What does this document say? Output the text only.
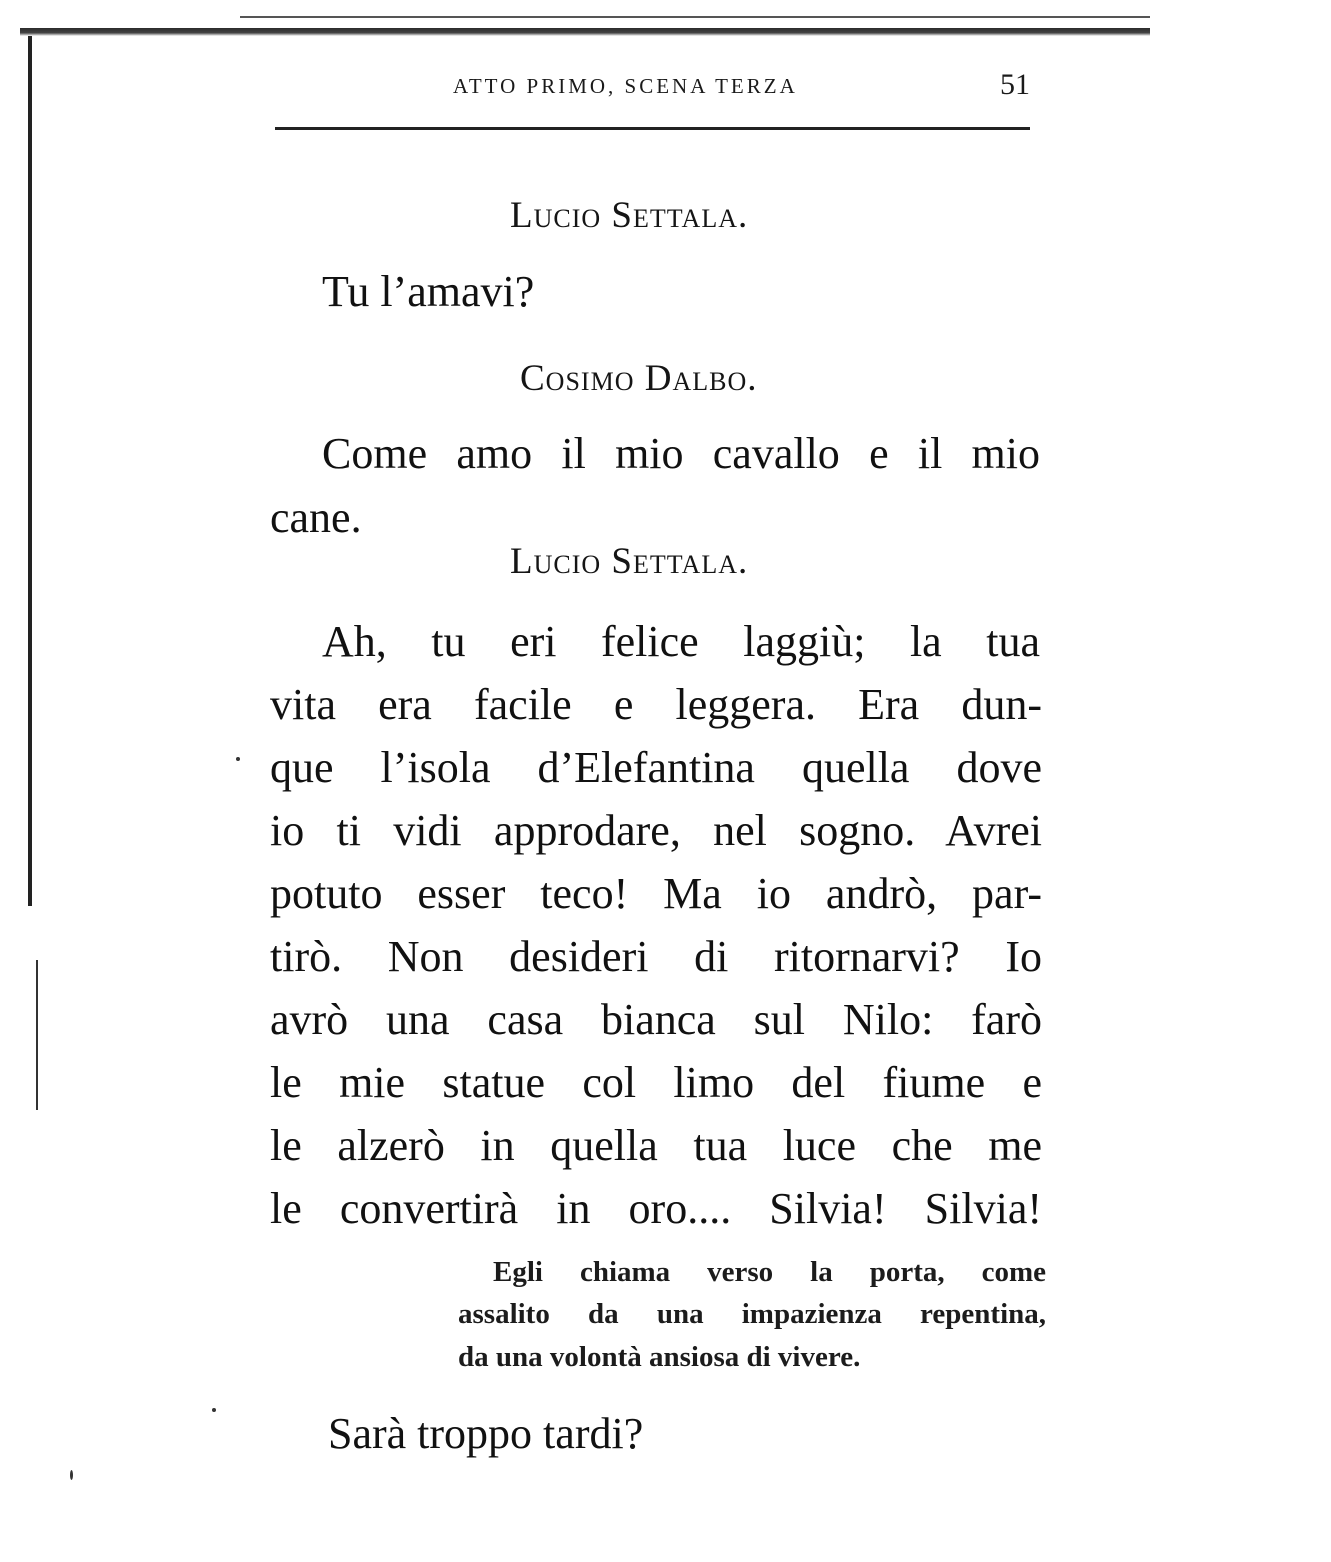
ATTO PRIMO, SCENA TERZA	51
Lucio Settala.
Tu l’amavi?
Cosimo Dalbo.
Come amo il mio cavallo e il mio
cane.
Lucio Settala.
Ah, tu eri felice laggiù; la tua
vita era facile e leggera. Era dun-
que l’isola d’Elefantina quella dove
io ti vidi approdare, nel sogno. Avrei
potuto esser teco! Ma io andrò, par-
tirò. Non desideri di ritornarvi? Io
avrò una casa bianca sul Nilo: farò
le mie statue col limo del fiume e
le alzerò in quella tua luce che me
le convertirà in oro.... Silvia! Silvia!
Egli chiama verso la porta, come
assalito da una impazienza repentina,
da una volontà ansiosa di vivere.
Sarà troppo tardi?
